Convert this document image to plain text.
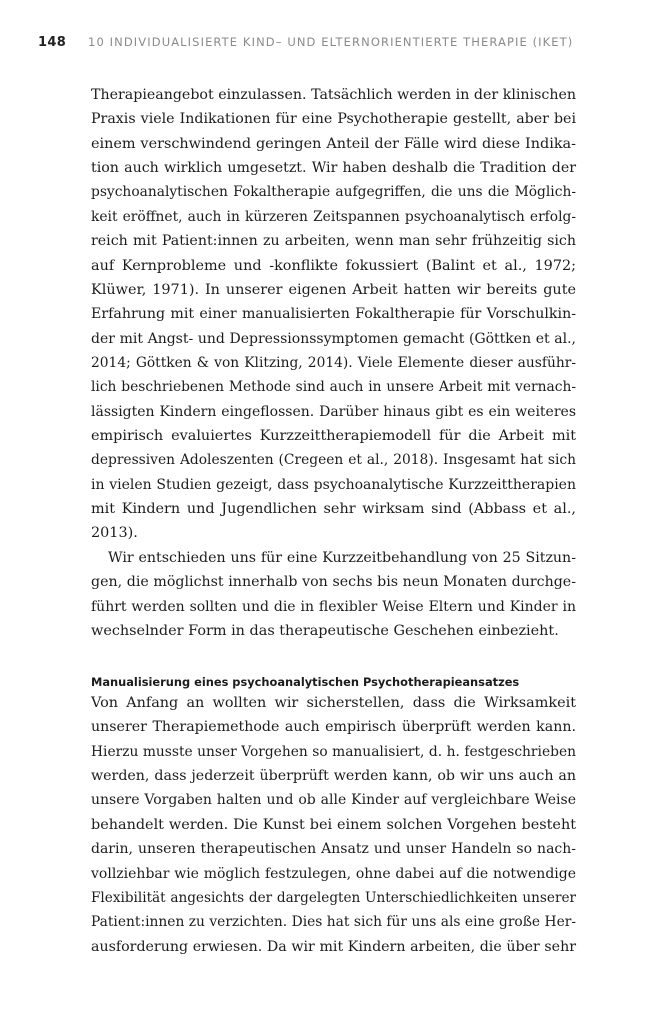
148 10 INDIVIDUALISIERTE KIND– UND ELTERNORIENTIERTE THERAPIE (IKET)
Therapieangebot einzulassen. Tatsächlich werden in der klinischen
Praxis viele Indikationen für eine Psychotherapie gestellt, aber bei
einem verschwindend geringen Anteil der Fälle wird diese Indika-
tion auch wirklich umgesetzt. Wir haben deshalb die Tradition der
psychoanalytischen Fokaltherapie aufgegriffen, die uns die Möglich-
keit eröffnet, auch in kürzeren Zeitspannen psychoanalytisch erfolg-
reich mit Patient:innen zu arbeiten, wenn man sehr frühzeitig sich
auf Kernprobleme und -konflikte fokussiert (Balint et al., 1972;
Klüwer, 1971). In unserer eigenen Arbeit hatten wir bereits gute
Erfahrung mit einer manualisierten Fokaltherapie für Vorschulkin-
der mit Angst- und Depressionssymptomen gemacht (Göttken et al.,
2014; Göttken & von Klitzing, 2014). Viele Elemente dieser ausführ-
lich beschriebenen Methode sind auch in unsere Arbeit mit vernach-
lässigten Kindern eingeflossen. Darüber hinaus gibt es ein weiteres
empirisch evaluiertes Kurzzeittherapiemodell für die Arbeit mit
depressiven Adoleszenten (Cregeen et al., 2018). Insgesamt hat sich
in vielen Studien gezeigt, dass psychoanalytische Kurzzeittherapien
mit Kindern und Jugendlichen sehr wirksam sind (Abbass et al.,
2013).
Wir entschieden uns für eine Kurzzeitbehandlung von 25 Sitzun-
gen, die möglichst innerhalb von sechs bis neun Monaten durchge-
führt werden sollten und die in flexibler Weise Eltern und Kinder in
wechselnder Form in das therapeutische Geschehen einbezieht.
Manualisierung eines psychoanalytischen Psychotherapieansatzes
Von Anfang an wollten wir sicherstellen, dass die Wirksamkeit
unserer Therapiemethode auch empirisch überprüft werden kann.
Hierzu musste unser Vorgehen so manualisiert, d. h. festgeschrieben
werden, dass jederzeit überprüft werden kann, ob wir uns auch an
unsere Vorgaben halten und ob alle Kinder auf vergleichbare Weise
behandelt werden. Die Kunst bei einem solchen Vorgehen besteht
darin, unseren therapeutischen Ansatz und unser Handeln so nach-
vollziehbar wie möglich festzulegen, ohne dabei auf die notwendige
Flexibilität angesichts der dargelegten Unterschiedlichkeiten unserer
Patient:innen zu verzichten. Dies hat sich für uns als eine große Her-
ausforderung erwiesen. Da wir mit Kindern arbeiten, die über sehr
